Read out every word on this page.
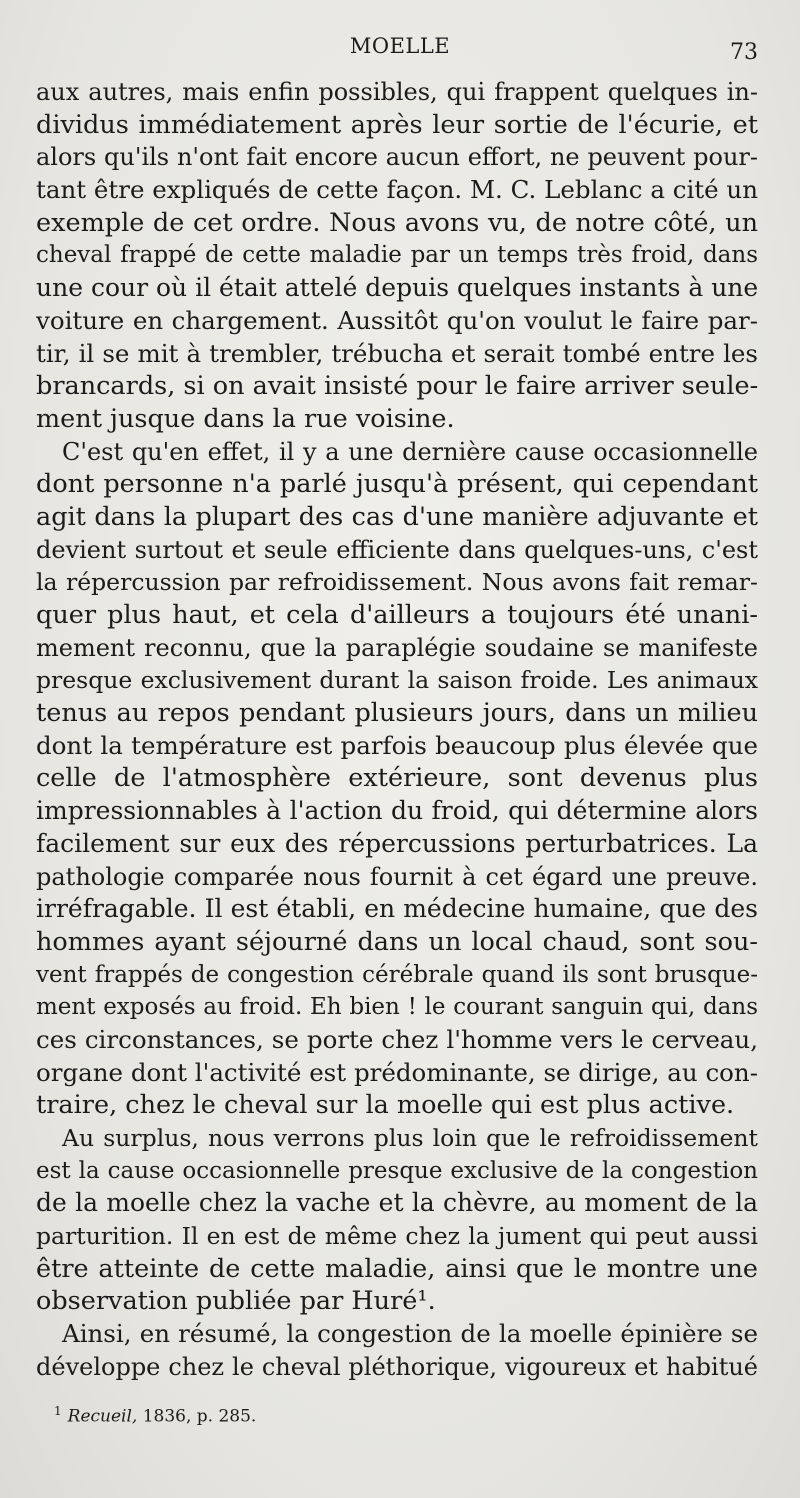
MOELLE	73
aux autres, mais enfin possibles, qui frappent quelques in-
dividus immédiatement après leur sortie de l'écurie, et
alors qu'ils n'ont fait encore aucun effort, ne peuvent pour-
tant être expliqués de cette façon. M. C. Leblanc a cité un
exemple de cet ordre. Nous avons vu, de notre côté, un
cheval frappé de cette maladie par un temps très froid, dans
une cour où il était attelé depuis quelques instants à une
voiture en chargement. Aussitôt qu'on voulut le faire par-
tir, il se mit à trembler, trébucha et serait tombé entre les
brancards, si on avait insisté pour le faire arriver seule-
ment jusque dans la rue voisine.
C'est qu'en effet, il y a une dernière cause occasionnelle
dont personne n'a parlé jusqu'à présent, qui cependant
agit dans la plupart des cas d'une manière adjuvante et
devient surtout et seule efficiente dans quelques-uns, c'est
la répercussion par refroidissement. Nous avons fait remar-
quer plus haut, et cela d'ailleurs a toujours été unani-
mement reconnu, que la paraplégie soudaine se manifeste
presque exclusivement durant la saison froide. Les animaux
tenus au repos pendant plusieurs jours, dans un milieu
dont la température est parfois beaucoup plus élevée que
celle de l'atmosphère extérieure, sont devenus plus
impressionnables à l'action du froid, qui détermine alors
facilement sur eux des répercussions perturbatrices. La
pathologie comparée nous fournit à cet égard une preuve.
irréfragable. Il est établi, en médecine humaine, que des
hommes ayant séjourné dans un local chaud, sont sou-
vent frappés de congestion cérébrale quand ils sont brusque-
ment exposés au froid. Eh bien ! le courant sanguin qui, dans
ces circonstances, se porte chez l'homme vers le cerveau,
organe dont l'activité est prédominante, se dirige, au con-
traire, chez le cheval sur la moelle qui est plus active.
Au surplus, nous verrons plus loin que le refroidissement
est la cause occasionnelle presque exclusive de la congestion
de la moelle chez la vache et la chèvre, au moment de la
parturition. Il en est de même chez la jument qui peut aussi
être atteinte de cette maladie, ainsi que le montre une
observation publiée par Huré¹.
Ainsi, en résumé, la congestion de la moelle épinière se
développe chez le cheval pléthorique, vigoureux et habitué
$^1$ Recueil, 1836, p. 285.
